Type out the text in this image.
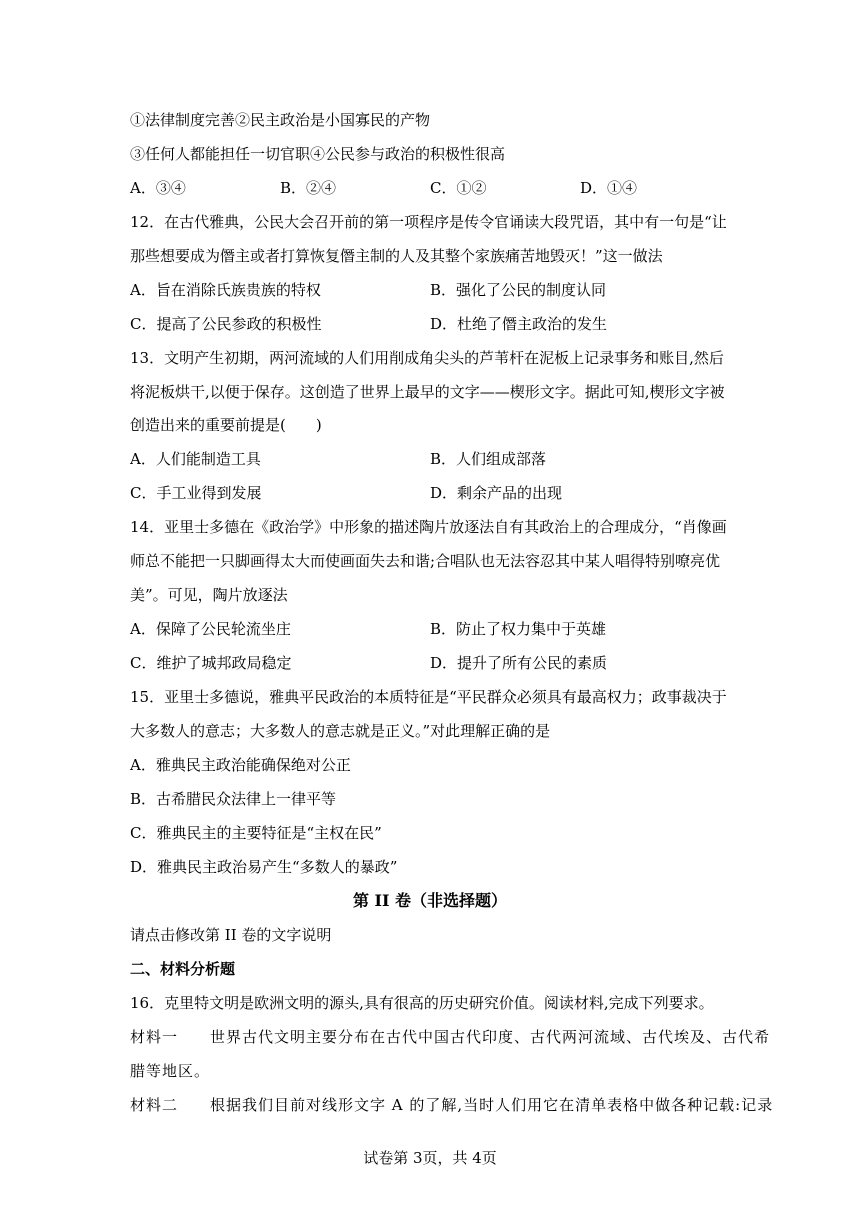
①法律制度完善②民主政治是小国寡民的产物
③任何人都能担任一切官职④公民参与政治的积极性很高
A．③④	B．②④	C．①②	D．①④
12．在古代雅典，公民大会召开前的第一项程序是传令官诵读大段咒语，其中有一句是“让
那些想要成为僭主或者打算恢复僭主制的人及其整个家族痛苦地毁灭！”这一做法
A．旨在消除氏族贵族的特权	B．强化了公民的制度认同
C．提高了公民参政的积极性	D．杜绝了僭主政治的发生
13．文明产生初期，两河流域的人们用削成角尖头的芦苇杆在泥板上记录事务和账目,然后
将泥板烘干,以便于保存。这创造了世界上最早的文字——楔形文字。据此可知,楔形文字被
创造出来的重要前提是(　　)
A．人们能制造工具	B．人们组成部落
C．手工业得到发展	D．剩余产品的出现
14．亚里士多德在《政治学》中形象的描述陶片放逐法自有其政治上的合理成分，“肖像画
师总不能把一只脚画得太大而使画面失去和谐;合唱队也无法容忍其中某人唱得特别嘹亮优
美”。可见，陶片放逐法
A．保障了公民轮流坐庄	B．防止了权力集中于英雄
C．维护了城邦政局稳定	D．提升了所有公民的素质
15．亚里士多德说，雅典平民政治的本质特征是“平民群众必须具有最高权力；政事裁决于
大多数人的意志；大多数人的意志就是正义。”对此理解正确的是
A．雅典民主政治能确保绝对公正
B．古希腊民众法律上一律平等
C．雅典民主的主要特征是“主权在民”
D．雅典民主政治易产生“多数人的暴政”
第 II 卷（非选择题）
请点击修改第 II 卷的文字说明
二、材料分析题
16．克里特文明是欧洲文明的源头,具有很高的历史研究价值。阅读材料,完成下列要求。
材料一　　世界古代文明主要分布在古代中国古代印度、古代两河流域、古代埃及、古代希
腊等地区。
材料二　　根据我们目前对线形文字 A 的了解,当时人们用它在清单表格中做各种记载:记录
试卷第 3页，共 4页
